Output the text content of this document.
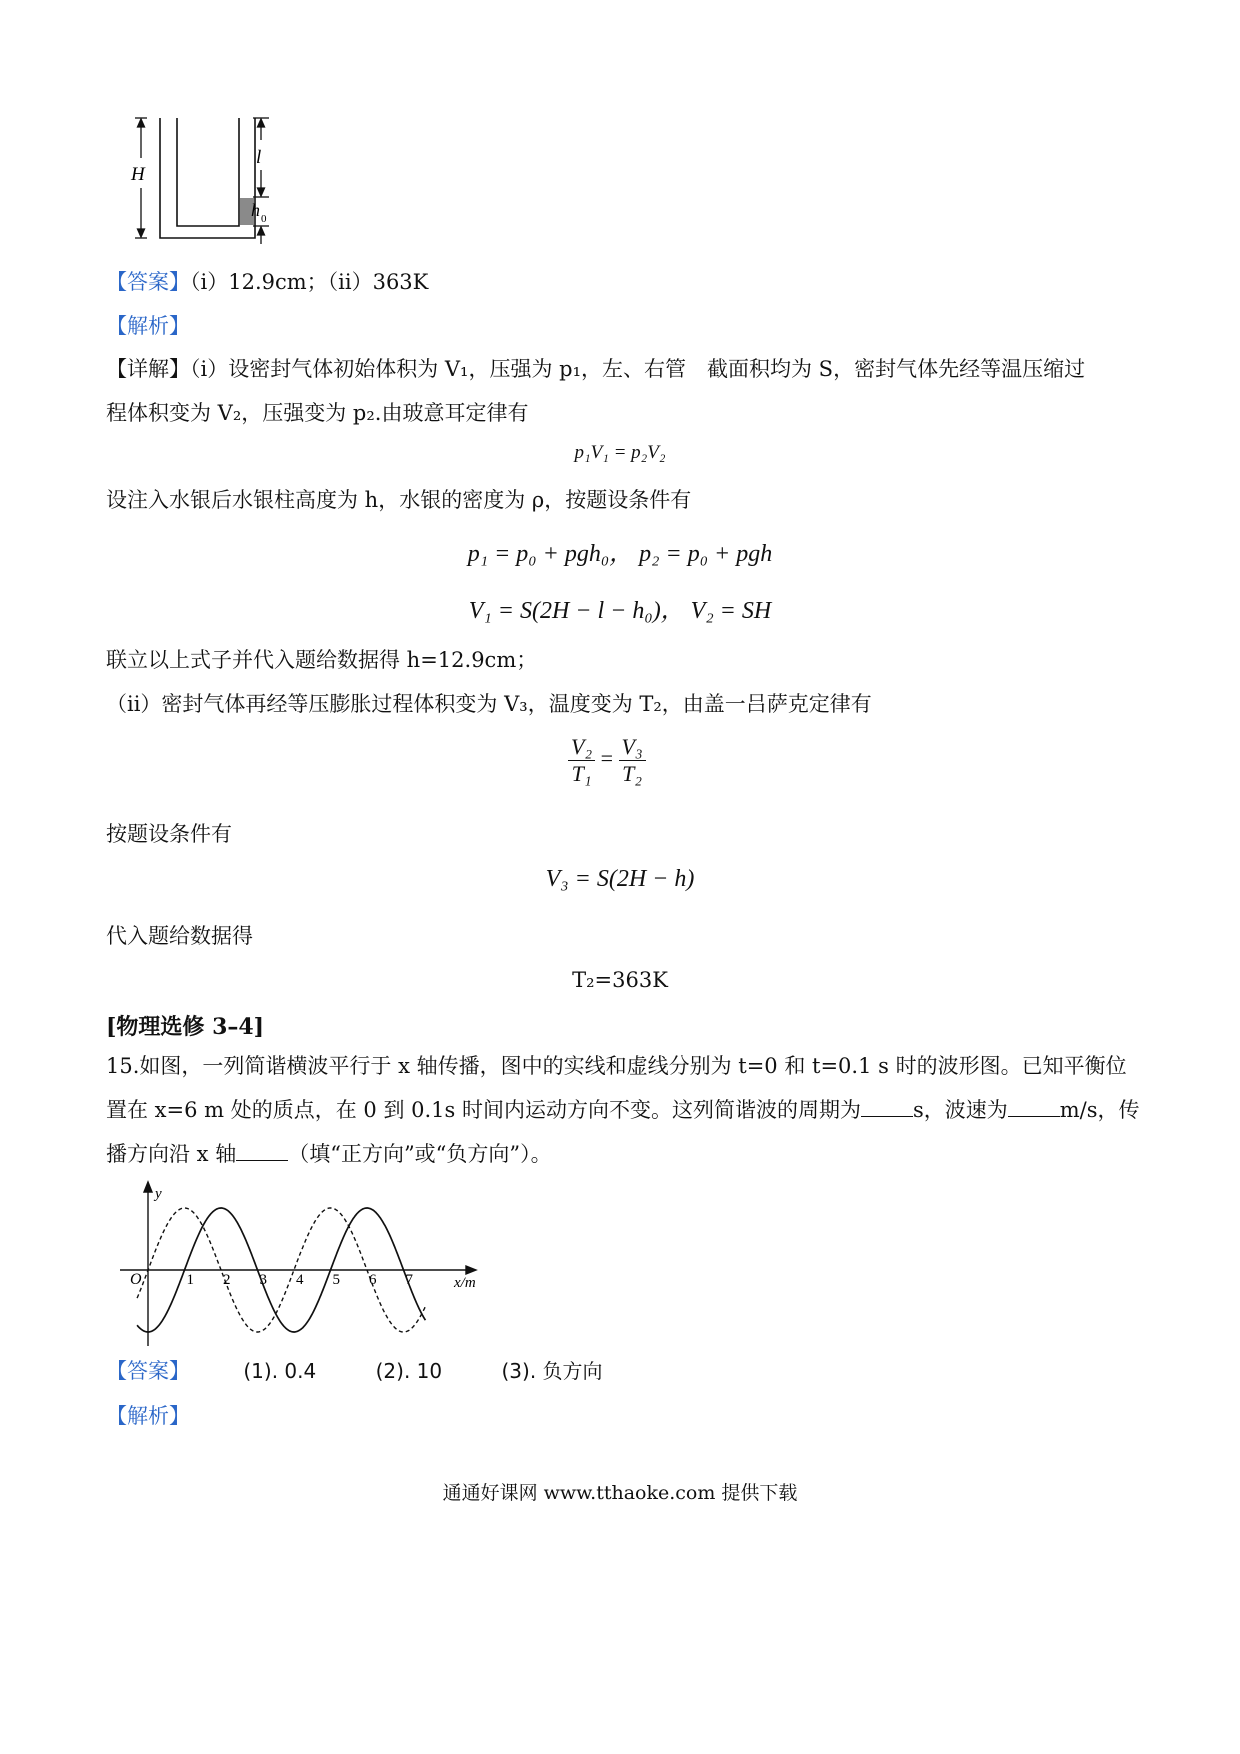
H
l
h 0
【答案】（i）12.9cm；（ii）363K
【解析】
【详解】（i）设密封气体初始体积为 V₁，压强为 p₁，左、右管　截面积均为 S，密封气体先经等温压缩过
程体积变为 V₂，压强变为 p₂.由玻意耳定律有
p₁V₁ = p₂V₂
设注入水银后水银柱高度为 h，水银的密度为 ρ，按题设条件有
p₁ = p₀ + pgh₀， p₂ = p₀ + pgh
V₁ = S(2H − l − h₀)， V₂ = SH
联立以上式子并代入题给数据得 h=12.9cm；
（ii）密封气体再经等压膨胀过程体积变为 V₃，温度变为 T₂，由盖一吕萨克定律有
$\frac{\text{V₂}}{\text{T₁}} = \frac{\text{V₃}}{\text{T₂}}$
按题设条件有
V₃ = S(2H − h)
代入题给数据得
T₂=363K
[物理选修 3–4]
15.如图，一列简谐横波平行于 x 轴传播，图中的实线和虚线分别为 t=0 和 t=0.1 s 时的波形图。已知平衡位
置在 x=6 m 处的质点，在 0 到 0.1s 时间内运动方向不变。这列简谐波的周期为 s，波速为 m/s，传
播方向沿 x 轴 （填“正方向”或“负方向”）。
y
x/m
O	1 2 3 4 5 6 7
【答案】	(1). 0.4	(2). 10	(3). 负方向
【解析】
通通好课网 www.tthaoke.com 提供下载
